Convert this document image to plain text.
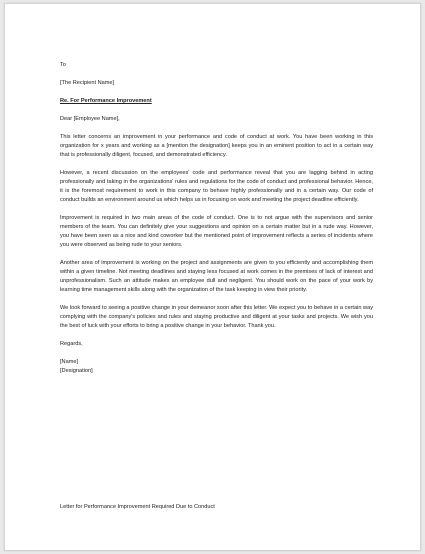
To
[The Recipient Name]
Re. For Performance Improvement
Dear [Employee Name],

This letter concerns an improvement in your performance and code of conduct at work. You have been working in this organization for x years and working as a [mention the designation] keeps you in an eminent position to act in a certain way that is professionally diligent, focused, and demonstrated efficiency.

However, a recent discussion on the employees' code and performance reveal that you are lagging behind in acting professionally and taking in the organizations' rules and regulations for the code of conduct and professional behavior. Hence, it is the foremost requirement to work in this company to behave highly professionally and in a certain way. Our code of conduct builds an environment around us which helps us in focusing on work and meeting the project deadline efficiently.

Improvement is required in two main areas of the code of conduct. One is to not argue with the supervisors and senior members of the team. You can definitely give your suggestions and opinion on a certain matter but in a rude way. However, you have been seen as a nice and kind coworker but the mentioned point of improvement reflects a series of incidents where you were observed as being rude to your seniors.

Another area of improvement is working on the project and assignments are given to you efficiently and accomplishing them within a given timeline. Not meeting deadlines and staying less focused at work comes in the premises of lack of interest and unprofessionalism. Such an attitude makes an employee dull and negligent. You should work on the pace of your work by learning time management skills along with the organization of the task keeping in view their priority.

We look forward to seeing a positive change in your demeanor soon after this letter. We expect you to behave in a certain way complying with the company's policies and rules and staying productive and diligent at your tasks and projects. We wish you the best of luck with your efforts to bring a positive change in your behavior. Thank you.

Regards,
[Name]
[Designation]
Letter for Performance Improvement Required Due to Conduct
